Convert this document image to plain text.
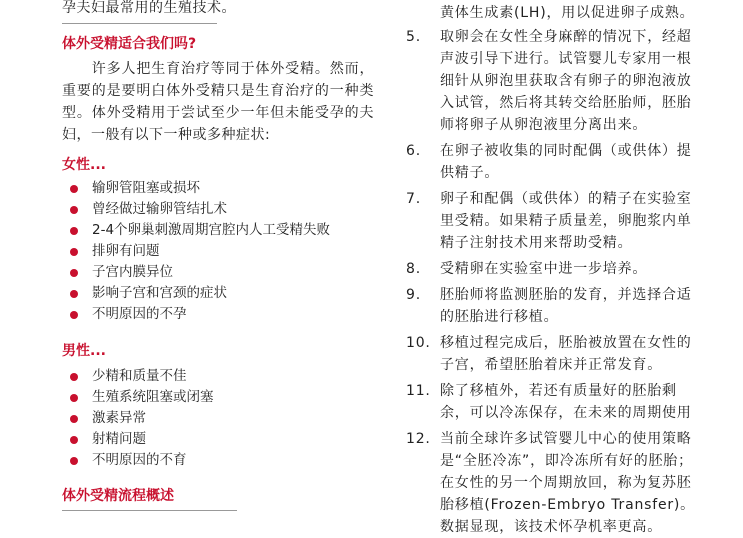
孕夫妇最常用的生殖技术。

体外受精适合我们吗?

　　许多人把生育治疗等同于体外受精。然而，重要的是要明白体外受精只是生育治疗的一种类型。体外受精用于尝试至少一年但未能受孕的夫妇，一般有以下一种或多种症状:

女性...

输卵管阻塞或损坏
曾经做过输卵管结扎术
2-4个卵巢刺激周期宫腔内人工受精失败
排卵有问题
子宫内膜异位
影响子宫和宫颈的症状
不明原因的不孕

男性...

少精和质量不佳
生殖系统阻塞或闭塞
激素异常
射精问题
不明原因的不育

体外受精流程概述

黄体生成素(LH)，用以促进卵子成熟。

5.	取卵会在女性全身麻醉的情况下，经超声波引导下进行。试管婴儿专家用一根细针从卵泡里获取含有卵子的卵泡液放入试管，然后将其转交给胚胎师，胚胎师将卵子从卵泡液里分离出来。
6.	在卵子被收集的同时配偶（或供体）提供精子。
7.	卵子和配偶（或供体）的精子在实验室里受精。如果精子质量差，卵胞浆内单精子注射技术用来帮助受精。
8.	受精卵在实验室中进一步培养。
9.	胚胎师将监测胚胎的发育，并选择合适的胚胎进行移植。
10. 移植过程完成后，胚胎被放置在女性的子宫，希望胚胎着床并正常发育。
11. 除了移植外，若还有质量好的胚胎剩余，可以冷冻保存，在未来的周期使用
12. 当前全球许多试管婴儿中心的使用策略是“全胚冷冻”，即冷冻所有好的胚胎；在女性的另一个周期放回，称为复苏胚胎移植(Frozen-Embryo Transfer)。数据显现，该技术怀孕机率更高。
